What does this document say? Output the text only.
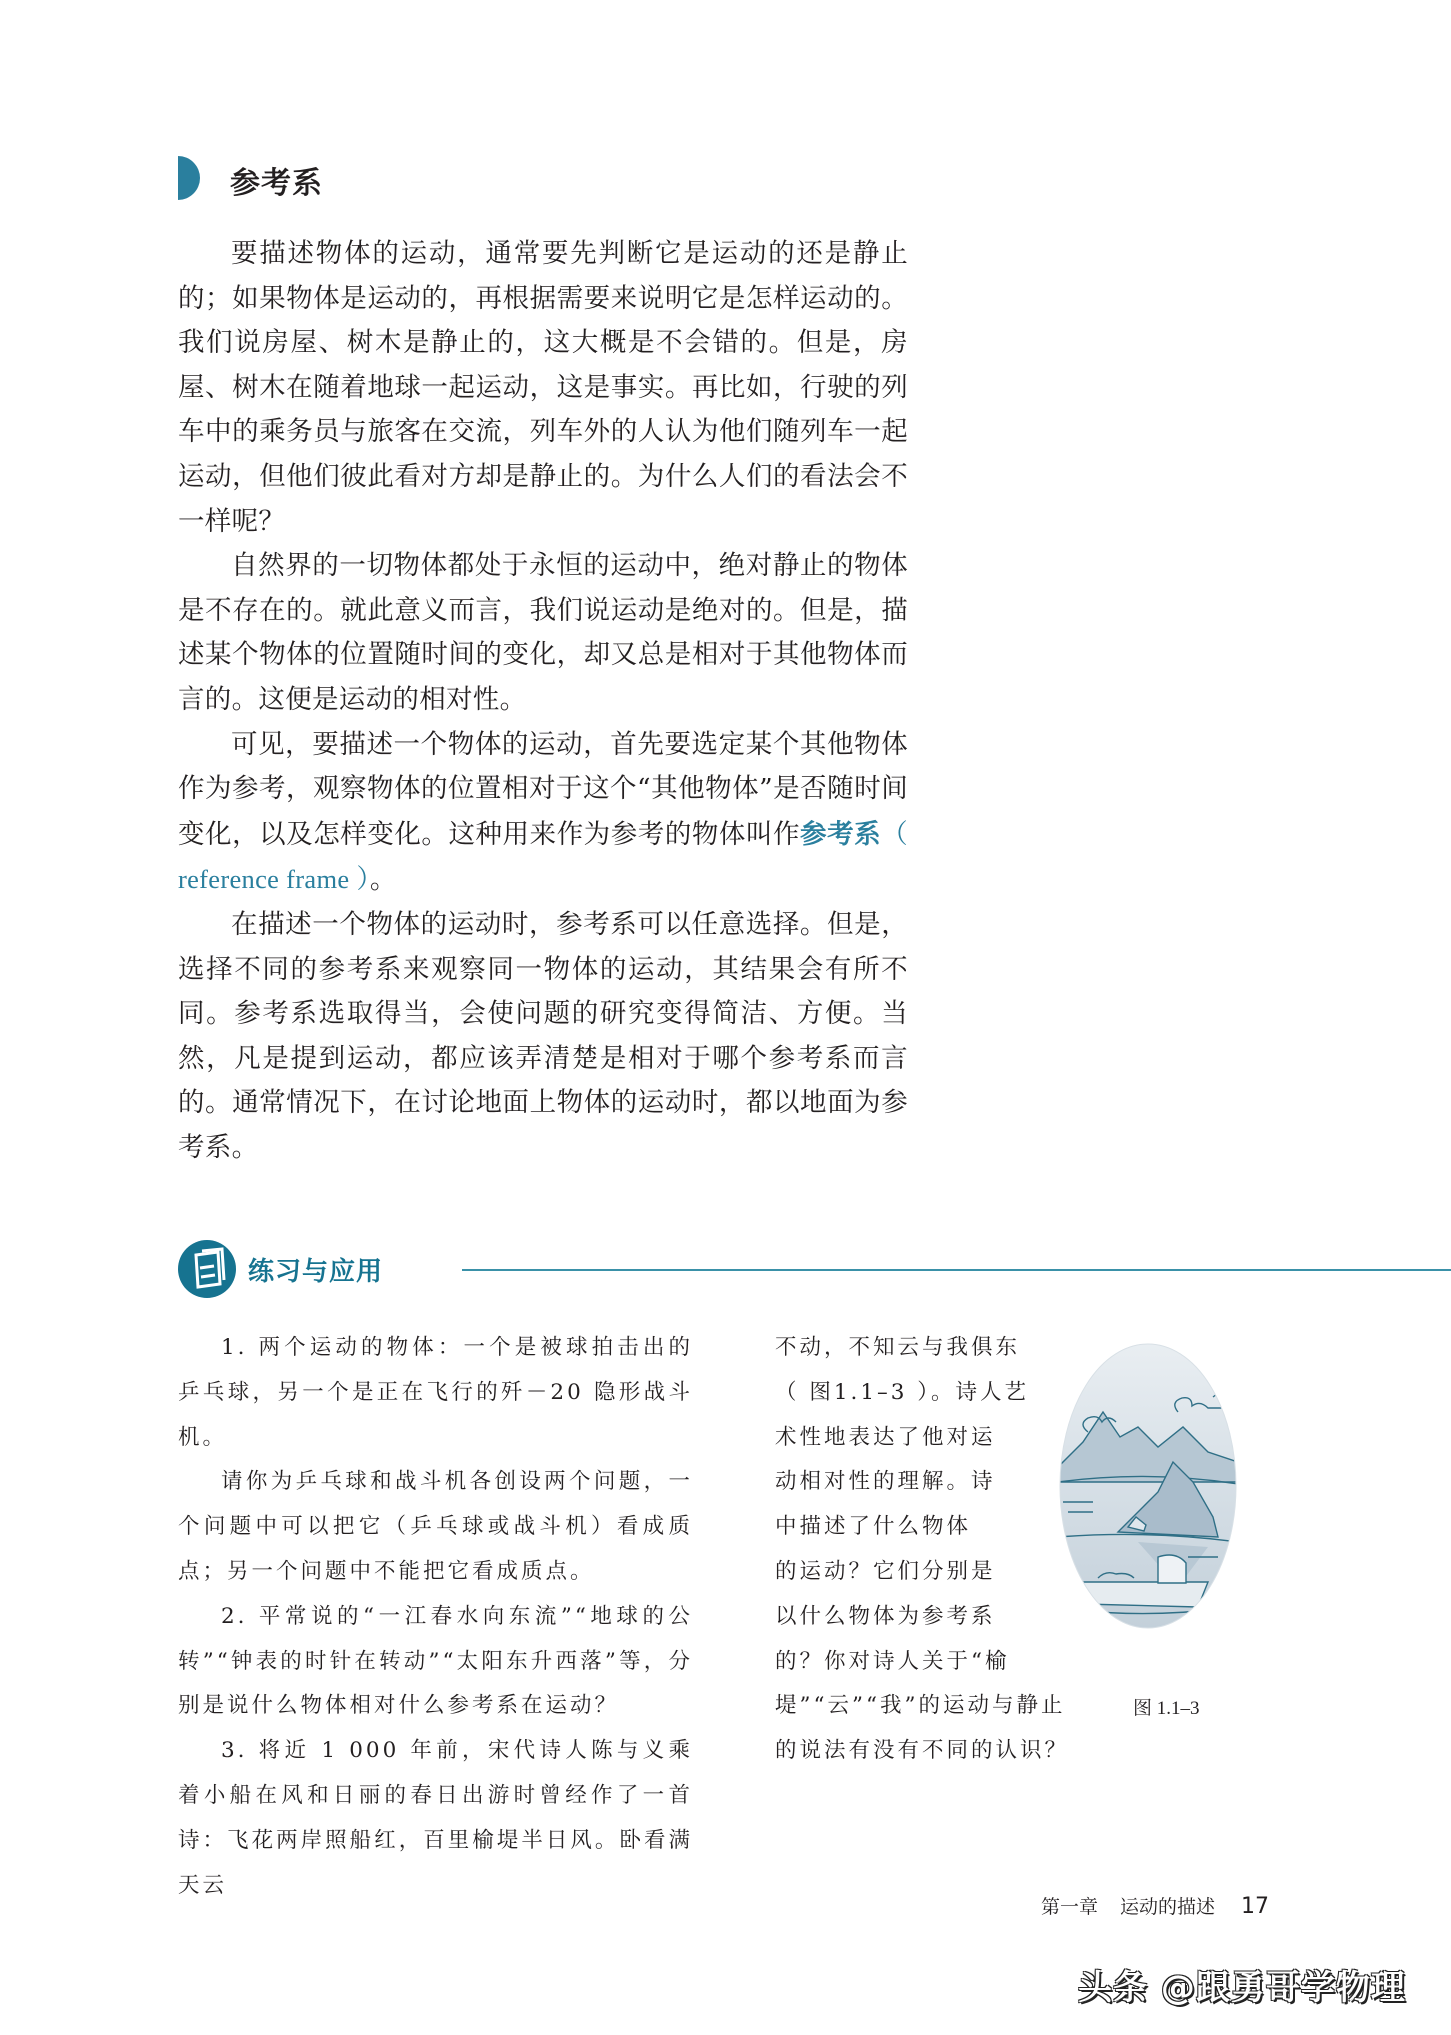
参考系

要描述物体的运动，通常要先判断它是运动的还是静止的；如果物体是运动的，再根据需要来说明它是怎样运动的。我们说房屋、树木是静止的，这大概是不会错的。但是，房屋、树木在随着地球一起运动，这是事实。再比如，行驶的列车中的乘务员与旅客在交流，列车外的人认为他们随列车一起运动，但他们彼此看对方却是静止的。为什么人们的看法会不一样呢？

自然界的一切物体都处于永恒的运动中，绝对静止的物体是不存在的。就此意义而言，我们说运动是绝对的。但是，描述某个物体的位置随时间的变化，却又总是相对于其他物体而言的。这便是运动的相对性。

可见，要描述一个物体的运动，首先要选定某个其他物体作为参考，观察物体的位置相对于这个“其他物体”是否随时间变化，以及怎样变化。这种用来作为参考的物体叫作参考系（ reference frame ）。

在描述一个物体的运动时，参考系可以任意选择。但是，选择不同的参考系来观察同一物体的运动，其结果会有所不同。参考系选取得当，会使问题的研究变得简洁、方便。当然，凡是提到运动，都应该弄清楚是相对于哪个参考系而言的。通常情况下，在讨论地面上物体的运动时，都以地面为参考系。

练习与应用

1. 两个运动的物体：一个是被球拍击出的乒乓球，另一个是正在飞行的歼－20 隐形战斗机。

请你为乒乓球和战斗机各创设两个问题，一个问题中可以把它（乒乓球或战斗机）看成质点；另一个问题中不能把它看成质点。

2. 平常说的“一江春水向东流”“地球的公转”“钟表的时针在转动”“太阳东升西落”等，分别是说什么物体相对什么参考系在运动？

3. 将近 1 000 年前，宋代诗人陈与义乘着小船在风和日丽的春日出游时曾经作了一首诗：飞花两岸照船红，百里榆堤半日风。卧看满天云

不动，不知云与我俱东
（ 图1.1–3 ）。诗人艺
术性地表达了他对运
动相对性的理解。诗
中描述了什么物体
的运动？它们分别是
以什么物体为参考系
的？你对诗人关于“榆
堤”“云”“我”的运动与静止
的说法有没有不同的认识？
图 1.1–3
第一章 运动的描述 17
头条 @跟勇哥学物理
